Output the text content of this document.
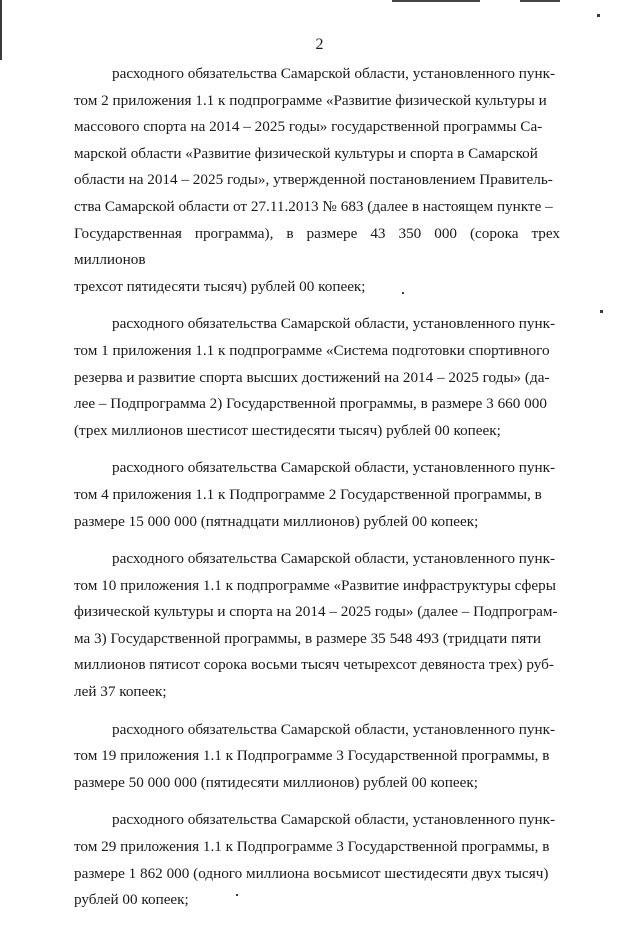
2

расходного обязательства Самарской области, установленного пунк-
том 2 приложения 1.1 к подпрограмме «Развитие физической культуры и
массового спорта на 2014 – 2025 годы» государственной программы Са-
марской области «Развитие физической культуры и спорта в Самарской
области на 2014 – 2025 годы», утвержденной постановлением Правитель-
ства Самарской области от 27.11.2013 № 683 (далее в настоящем пункте –
Государственная программа), в размере 43 350 000 (сорока трех миллионов
трехсот пятидесяти тысяч) рублей 00 копеек;

расходного обязательства Самарской области, установленного пунк-
том 1 приложения 1.1 к подпрограмме «Система подготовки спортивного
резерва и развитие спорта высших достижений на 2014 – 2025 годы» (да-
лее – Подпрограмма 2) Государственной программы, в размере 3 660 000
(трех миллионов шестисот шестидесяти тысяч) рублей 00 копеек;

расходного обязательства Самарской области, установленного пунк-
том 4 приложения 1.1 к Подпрограмме 2 Государственной программы, в
размере 15 000 000 (пятнадцати миллионов) рублей 00 копеек;

расходного обязательства Самарской области, установленного пунк-
том 10 приложения 1.1 к подпрограмме «Развитие инфраструктуры сферы
физической культуры и спорта на 2014 – 2025 годы» (далее – Подпрограм-
ма 3) Государственной программы, в размере 35 548 493 (тридцати пяти
миллионов пятисот сорока восьми тысяч четырехсот девяноста трех) руб-
лей 37 копеек;

расходного обязательства Самарской области, установленного пунк-
том 19 приложения 1.1 к Подпрограмме 3 Государственной программы, в
размере 50 000 000 (пятидесяти миллионов) рублей 00 копеек;

расходного обязательства Самарской области, установленного пунк-
том 29 приложения 1.1 к Подпрограмме 3 Государственной программы, в
размере 1 862 000 (одного миллиона восьмисот шестидесяти двух тысяч)
рублей 00 копеек;
